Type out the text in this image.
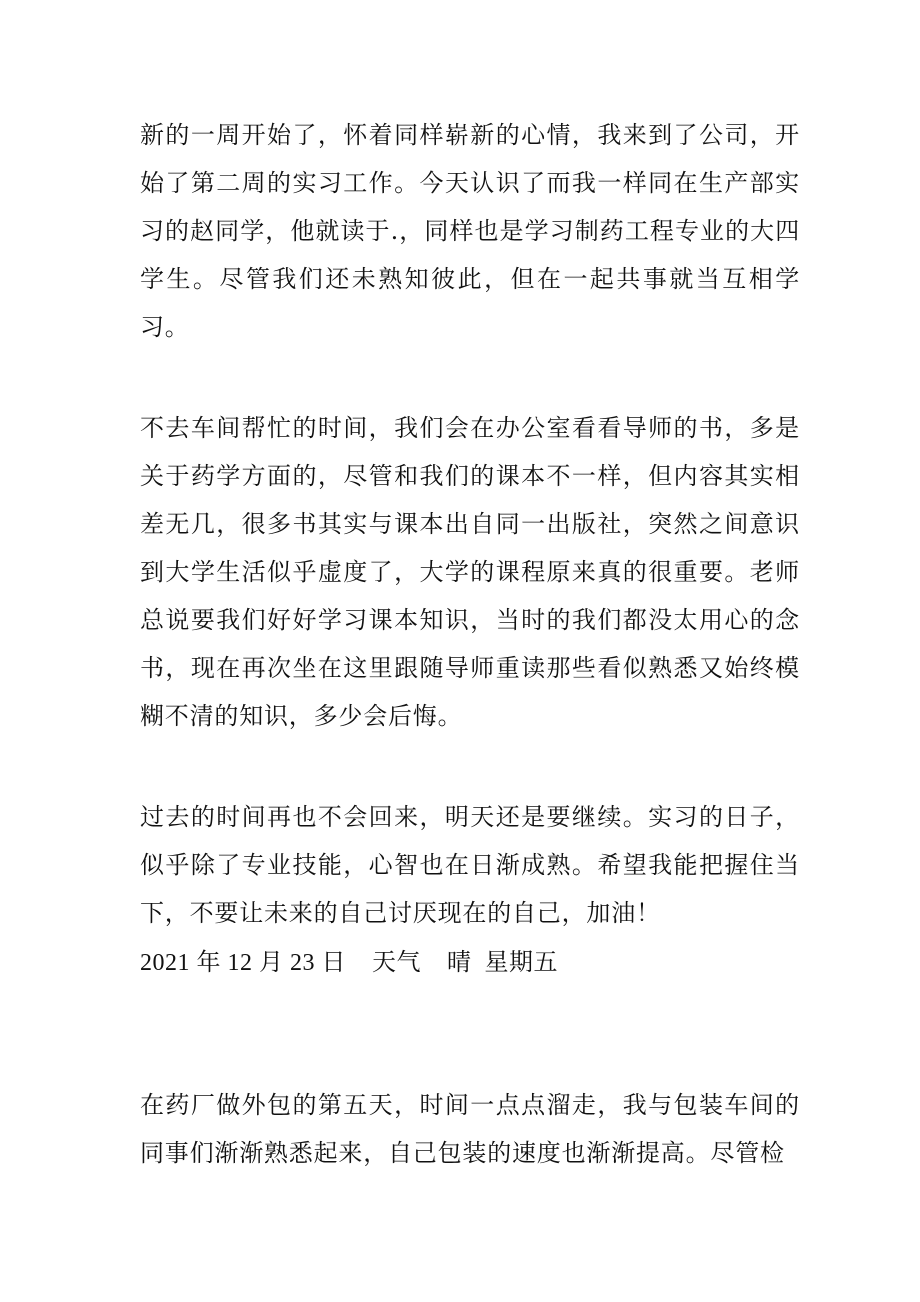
新的一周开始了，怀着同样崭新的心情，我来到了公司，开始了第二周的实习工作。今天认识了而我一样同在生产部实习的赵同学，他就读于.，同样也是学习制药工程专业的大四学生。尽管我们还未熟知彼此，但在一起共事就当互相学习。

不去车间帮忙的时间，我们会在办公室看看导师的书，多是关于药学方面的，尽管和我们的课本不一样，但内容其实相差无几，很多书其实与课本出自同一出版社，突然之间意识到大学生活似乎虚度了，大学的课程原来真的很重要。老师总说要我们好好学习课本知识，当时的我们都没太用心的念书，现在再次坐在这里跟随导师重读那些看似熟悉又始终模糊不清的知识，多少会后悔。

过去的时间再也不会回来，明天还是要继续。实习的日子，似乎除了专业技能，心智也在日渐成熟。希望我能把握住当下，不要让未来的自己讨厌现在的自己，加油！

2021 年 12 月 23 日    天气    晴  星期五

在药厂做外包的第五天，时间一点点溜走，我与包装车间的同事们渐渐熟悉起来，自己包装的速度也渐渐提高。尽管检
